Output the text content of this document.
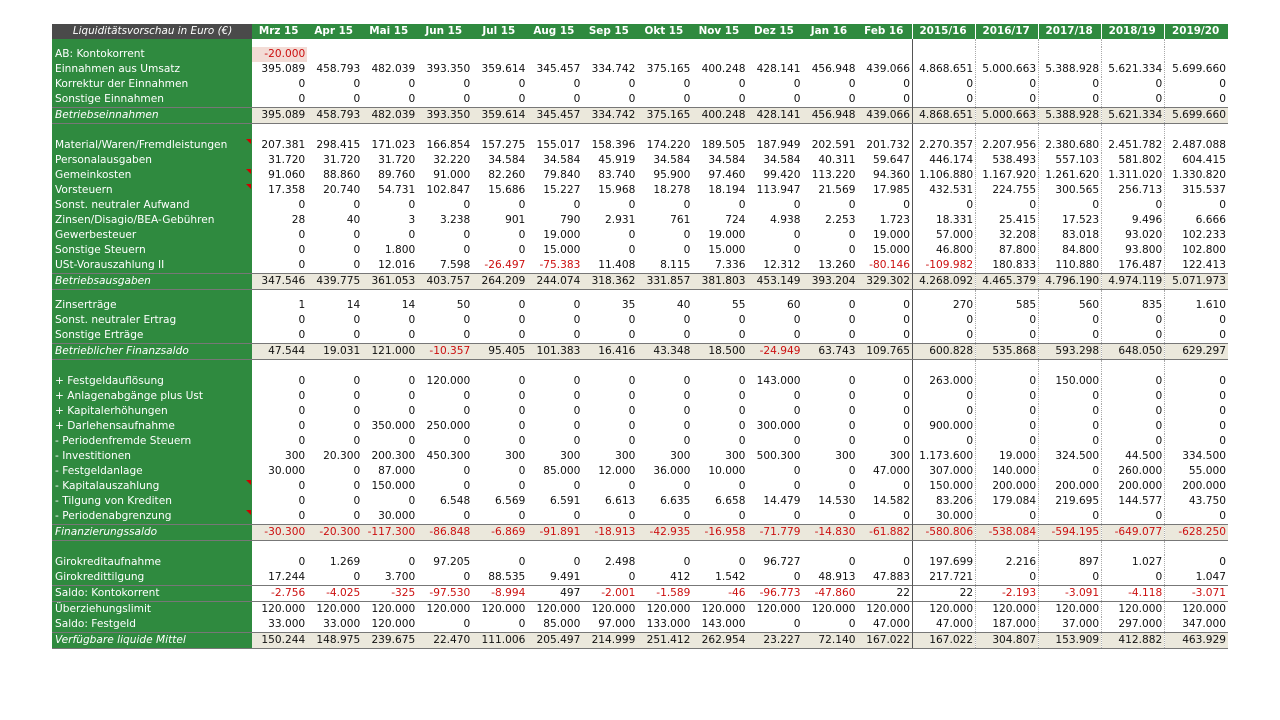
Liquiditätsvorschau in Euro (€)	Mrz 15	Apr 15	Mai 15	Jun 15	Jul 15	Aug 15	Sep 15	Okt 15	Nov 15	Dez 15	Jan 16	Feb 16	2015/16	2016/17	2017/18	2018/19	2019/20

AB: Kontokorrent	-20.000																
Einnahmen aus Umsatz	395.089	458.793	482.039	393.350	359.614	345.457	334.742	375.165	400.248	428.141	456.948	439.066	4.868.651	5.000.663	5.388.928	5.621.334	5.699.660
Korrektur der Einnahmen	0	0	0	0	0	0	0	0	0	0	0	0	0	0	0	0	0
Sonstige Einnahmen	0	0	0	0	0	0	0	0	0	0	0	0	0	0	0	0	0
Betriebseinnahmen	395.089	458.793	482.039	393.350	359.614	345.457	334.742	375.165	400.248	428.141	456.948	439.066	4.868.651	5.000.663	5.388.928	5.621.334	5.699.660

Material/Waren/Fremdleistungen	207.381	298.415	171.023	166.854	157.275	155.017	158.396	174.220	189.505	187.949	202.591	201.732	2.270.357	2.207.956	2.380.680	2.451.782	2.487.088
Personalausgaben	31.720	31.720	31.720	32.220	34.584	34.584	45.919	34.584	34.584	34.584	40.311	59.647	446.174	538.493	557.103	581.802	604.415
Gemeinkosten	91.060	88.860	89.760	91.000	82.260	79.840	83.740	95.900	97.460	99.420	113.220	94.360	1.106.880	1.167.920	1.261.620	1.311.020	1.330.820
Vorsteuern	17.358	20.740	54.731	102.847	15.686	15.227	15.968	18.278	18.194	113.947	21.569	17.985	432.531	224.755	300.565	256.713	315.537
Sonst. neutraler Aufwand	0	0	0	0	0	0	0	0	0	0	0	0	0	0	0	0	0
Zinsen/Disagio/BEA-Gebühren	28	40	3	3.238	901	790	2.931	761	724	4.938	2.253	1.723	18.331	25.415	17.523	9.496	6.666
Gewerbesteuer	0	0	0	0	0	19.000	0	0	19.000	0	0	19.000	57.000	32.208	83.018	93.020	102.233
Sonstige Steuern	0	0	1.800	0	0	15.000	0	0	15.000	0	0	15.000	46.800	87.800	84.800	93.800	102.800
USt-Vorauszahlung II	0	0	12.016	7.598	-26.497	-75.383	11.408	8.115	7.336	12.312	13.260	-80.146	-109.982	180.833	110.880	176.487	122.413
Betriebsausgaben	347.546	439.775	361.053	403.757	264.209	244.074	318.362	331.857	381.803	453.149	393.204	329.302	4.268.092	4.465.379	4.796.190	4.974.119	5.071.973

Zinserträge	1	14	14	50	0	0	35	40	55	60	0	0	270	585	560	835	1.610
Sonst. neutraler Ertrag	0	0	0	0	0	0	0	0	0	0	0	0	0	0	0	0	0
Sonstige Erträge	0	0	0	0	0	0	0	0	0	0	0	0	0	0	0	0	0
Betrieblicher Finanzsaldo	47.544	19.031	121.000	-10.357	95.405	101.383	16.416	43.348	18.500	-24.949	63.743	109.765	600.828	535.868	593.298	648.050	629.297

+ Festgeldauflösung	0	0	0	120.000	0	0	0	0	0	143.000	0	0	263.000	0	150.000	0	0
+ Anlagenabgänge plus Ust	0	0	0	0	0	0	0	0	0	0	0	0	0	0	0	0	0
+ Kapitalerhöhungen	0	0	0	0	0	0	0	0	0	0	0	0	0	0	0	0	0
+ Darlehensaufnahme	0	0	350.000	250.000	0	0	0	0	0	300.000	0	0	900.000	0	0	0	0
- Periodenfremde Steuern	0	0	0	0	0	0	0	0	0	0	0	0	0	0	0	0	0
- Investitionen	300	20.300	200.300	450.300	300	300	300	300	300	500.300	300	300	1.173.600	19.000	324.500	44.500	334.500
- Festgeldanlage	30.000	0	87.000	0	0	85.000	12.000	36.000	10.000	0	0	47.000	307.000	140.000	0	260.000	55.000
- Kapitalauszahlung	0	0	150.000	0	0	0	0	0	0	0	0	0	150.000	200.000	200.000	200.000	200.000
- Tilgung von Krediten	0	0	0	6.548	6.569	6.591	6.613	6.635	6.658	14.479	14.530	14.582	83.206	179.084	219.695	144.577	43.750
- Periodenabgrenzung	0	0	30.000	0	0	0	0	0	0	0	0	0	30.000	0	0	0	0
Finanzierungssaldo	-30.300	-20.300	-117.300	-86.848	-6.869	-91.891	-18.913	-42.935	-16.958	-71.779	-14.830	-61.882	-580.806	-538.084	-594.195	-649.077	-628.250

Girokreditaufnahme	0	1.269	0	97.205	0	0	2.498	0	0	96.727	0	0	197.699	2.216	897	1.027	0
Girokredittilgung	17.244	0	3.700	0	88.535	9.491	0	412	1.542	0	48.913	47.883	217.721	0	0	0	1.047
Saldo: Kontokorrent	-2.756	-4.025	-325	-97.530	-8.994	497	-2.001	-1.589	-46	-96.773	-47.860	22	22	-2.193	-3.091	-4.118	-3.071
Überziehungslimit	120.000	120.000	120.000	120.000	120.000	120.000	120.000	120.000	120.000	120.000	120.000	120.000	120.000	120.000	120.000	120.000	120.000
Saldo: Festgeld	33.000	33.000	120.000	0	0	85.000	97.000	133.000	143.000	0	0	47.000	47.000	187.000	37.000	297.000	347.000
Verfügbare liquide Mittel	150.244	148.975	239.675	22.470	111.006	205.497	214.999	251.412	262.954	23.227	72.140	167.022	167.022	304.807	153.909	412.882	463.929
